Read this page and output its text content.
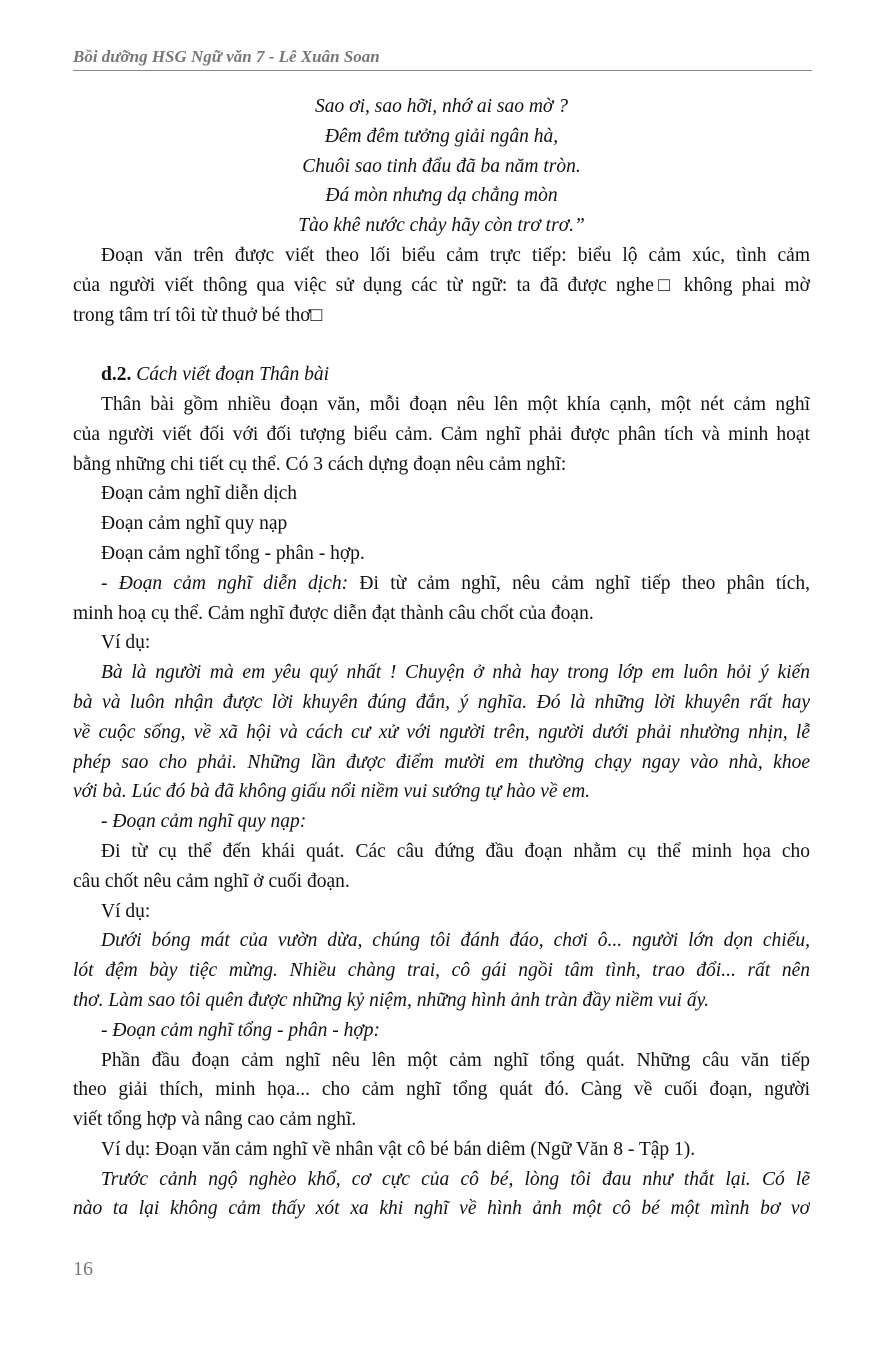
Bồi dưỡng HSG Ngữ văn 7 - Lê Xuân Soan
Sao ơi, sao hỡi, nhớ ai sao mờ ?
Đêm đêm tưởng giải ngân hà,
Chuôi sao tinh đẩu đã ba năm tròn.
Đá mòn nhưng dạ chẳng mòn
Tào khê nước chảy hãy còn trơ trơ.”
Đoạn văn trên được viết theo lối biểu cảm trực tiếp: biểu lộ cảm xúc, tình cảm
của người viết thông qua việc sử dụng các từ ngữ: ta đã được nghe□ không phai mờ
trong tâm trí tôi từ thuở bé thơ□
d.2. Cách viết đoạn Thân bài
Thân bài gồm nhiều đoạn văn, mỗi đoạn nêu lên một khía cạnh, một nét cảm nghĩ
của người viết đối với đối tượng biểu cảm. Cảm nghĩ phải được phân tích và minh hoạt
bằng những chi tiết cụ thể. Có 3 cách dựng đoạn nêu cảm nghĩ:
Đoạn cảm nghĩ diễn dịch
Đoạn cảm nghĩ quy nạp
Đoạn cảm nghĩ tổng - phân - hợp.
- Đoạn cảm nghĩ diễn dịch: Đi từ cảm nghĩ, nêu cảm nghĩ tiếp theo phân tích,
minh hoạ cụ thể. Cảm nghĩ được diễn đạt thành câu chốt của đoạn.
Ví dụ:
Bà là người mà em yêu quý nhất ! Chuyện ở nhà hay trong lớp em luôn hỏi ý kiến
bà và luôn nhận được lời khuyên đúng đắn, ý nghĩa. Đó là những lời khuyên rất hay
về cuộc sống, về xã hội và cách cư xử với người trên, người dưới phải nhường nhịn, lễ
phép sao cho phải. Những lần được điểm mười em thường chạy ngay vào nhà, khoe
với bà. Lúc đó bà đã không giấu nổi niềm vui sướng tự hào về em.
- Đoạn cảm nghĩ quy nạp:
Đi từ cụ thể đến khái quát. Các câu đứng đầu đoạn nhằm cụ thể minh họa cho
câu chốt nêu cảm nghĩ ở cuối đoạn.
Ví dụ:
Dưới bóng mát của vườn dừa, chúng tôi đánh đáo, chơi ô... người lớn dọn chiếu,
lót đệm bày tiệc mừng. Nhiều chàng trai, cô gái ngồi tâm tình, trao đổi... rất nên
thơ. Làm sao tôi quên được những kỷ niệm, những hình ảnh tràn đầy niềm vui ấy.
- Đoạn cảm nghĩ tổng - phân - hợp:
Phần đầu đoạn cảm nghĩ nêu lên một cảm nghĩ tổng quát. Những câu văn tiếp
theo giải thích, minh họa... cho cảm nghĩ tổng quát đó. Càng về cuối đoạn, người
viết tổng hợp và nâng cao cảm nghĩ.
Ví dụ: Đoạn văn cảm nghĩ về nhân vật cô bé bán diêm (Ngữ Văn 8 - Tập 1).
Trước cảnh ngộ nghèo khổ, cơ cực của cô bé, lòng tôi đau như thắt lại. Có lẽ
nào ta lại không cảm thấy xót xa khi nghĩ về hình ảnh một cô bé một mình bơ vơ
16
